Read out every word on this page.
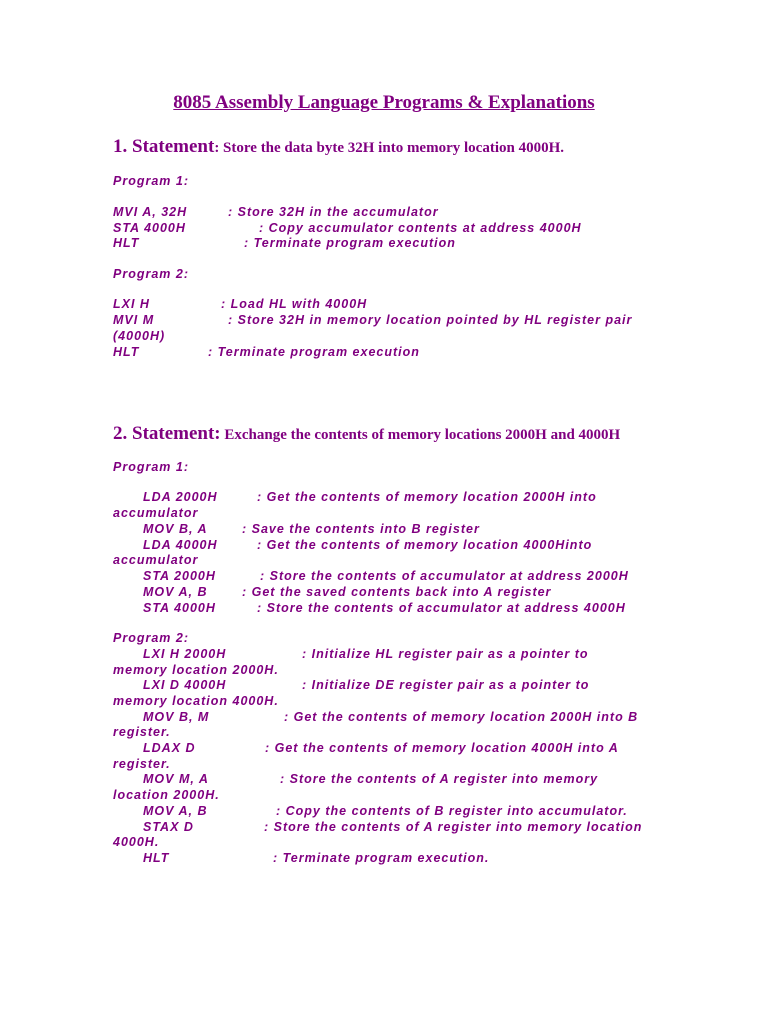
8085 Assembly Language Programs & Explanations
1. Statement: Store the data byte 32H into memory location 4000H.
Program 1:
MVI A, 32H	: Store 32H in the accumulator
STA 4000H	: Copy accumulator contents at address 4000H
HLT	: Terminate program execution
Program 2:
LXI H	: Load HL with 4000H
MVI M	: Store 32H in memory location pointed by HL register pair
(4000H)
HLT	: Terminate program execution
2. Statement: Exchange the contents of memory locations 2000H and 4000H
Program 1:
LDA 2000H	: Get the contents of memory location 2000H into
accumulator
MOV B, A	: Save the contents into B register
LDA 4000H	: Get the contents of memory location 4000Hinto
accumulator
STA 2000H	: Store the contents of accumulator at address 2000H
MOV A, B	: Get the saved contents back into A register
STA 4000H	: Store the contents of accumulator at address 4000H
Program 2:
LXI H 2000H	: Initialize HL register pair as a pointer to
memory location 2000H.
LXI D 4000H	: Initialize DE register pair as a pointer to
memory location 4000H.
MOV B, M	: Get the contents of memory location 2000H into B
register.
LDAX D	: Get the contents of memory location 4000H into A
register.
MOV M, A	: Store the contents of A register into memory
location 2000H.
MOV A, B	: Copy the contents of B register into accumulator.
STAX D	: Store the contents of A register into memory location
4000H.
HLT	: Terminate program execution.
